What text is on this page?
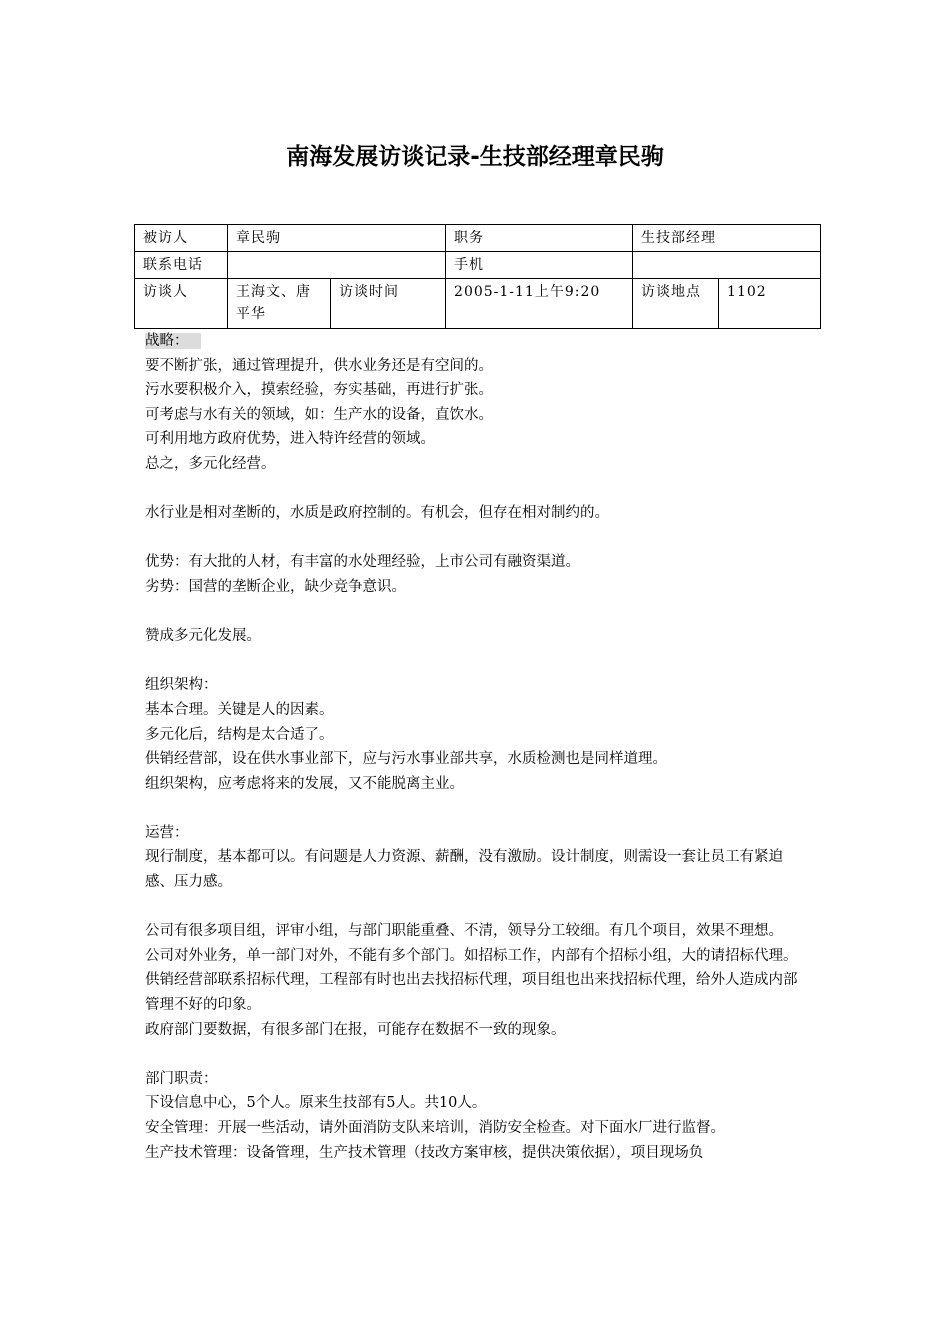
南海发展访谈记录-生技部经理章民驹
被访人	章民驹		职务	生技部经理	
联系电话			手机		
访谈人	王海文、唐平华	访谈时间	2005-1-11上午9:20	访谈地点	1102

战略：

要不断扩张，通过管理提升，供水业务还是有空间的。

污水要积极介入，摸索经验，夯实基础，再进行扩张。

可考虑与水有关的领域，如：生产水的设备，直饮水。

可利用地方政府优势，进入特许经营的领域。

总之，多元化经营。

水行业是相对垄断的，水质是政府控制的。有机会，但存在相对制约的。

优势：有大批的人材，有丰富的水处理经验，上市公司有融资渠道。

劣势：国营的垄断企业，缺少竞争意识。

赞成多元化发展。

组织架构：

基本合理。关键是人的因素。

多元化后，结构是太合适了。

供销经营部，设在供水事业部下，应与污水事业部共享，水质检测也是同样道理。

组织架构，应考虑将来的发展，又不能脱离主业。

运营：

现行制度，基本都可以。有问题是人力资源、薪酬，没有激励。设计制度，则需设一套让员工有紧迫感、压力感。

公司有很多项目组，评审小组，与部门职能重叠、不清，领导分工较细。有几个项目，效果不理想。

公司对外业务，单一部门对外，不能有多个部门。如招标工作，内部有个招标小组，大的请招标代理。供销经营部联系招标代理，工程部有时也出去找招标代理，项目组也出来找招标代理，给外人造成内部管理不好的印象。

政府部门要数据，有很多部门在报，可能存在数据不一致的现象。

部门职责：

下设信息中心，5个人。原来生技部有5人。共10人。

安全管理：开展一些活动，请外面消防支队来培训，消防安全检查。对下面水厂进行监督。

生产技术管理：设备管理，生产技术管理（技改方案审核，提供决策依据），项目现场负
